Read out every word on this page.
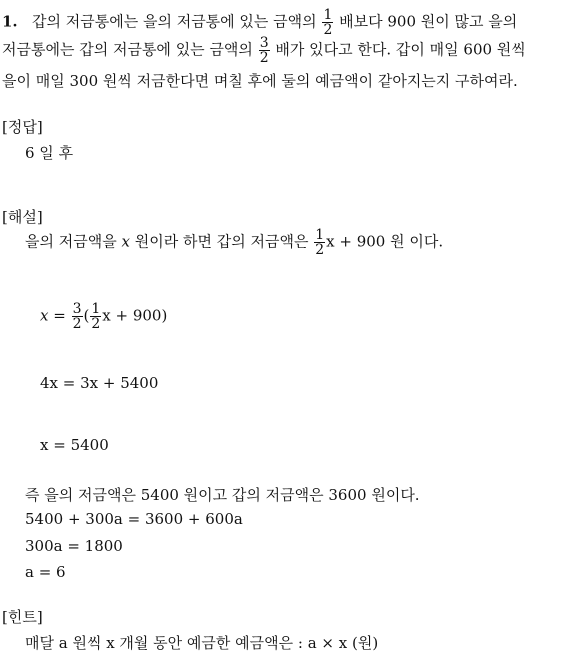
1. 갑의 저금통에는 을의 저금통에 있는 금액의 $\frac{1}{2}$ 배보다 900 원이 많고 을의
저금통에는 갑의 저금통에 있는 금액의 $\frac{3}{2}$ 배가 있다고 한다. 갑이 매일 600 원씩
을이 매일 300 원씩 저금한다면 며칠 후에 둘의 예금액이 같아지는지 구하여라.
[정답]
6 일 후
[해설]
을의 저금액을 x 원이라 하면 갑의 저금액은 $\frac{1}{2}$ x + 900 원 이다.
$x = \frac{3}{2}$ ( $\frac{1}{2}$ x + 900)
4x = 3x + 5400
x = 5400
즉 을의 저금액은 5400 원이고 갑의 저금액은 3600 원이다.
5400 + 300a = 3600 + 600a
300a = 1800
a = 6
[힌트]
매달 a 원씩 x 개월 동안 예금한 예금액은 : a × x (원)
